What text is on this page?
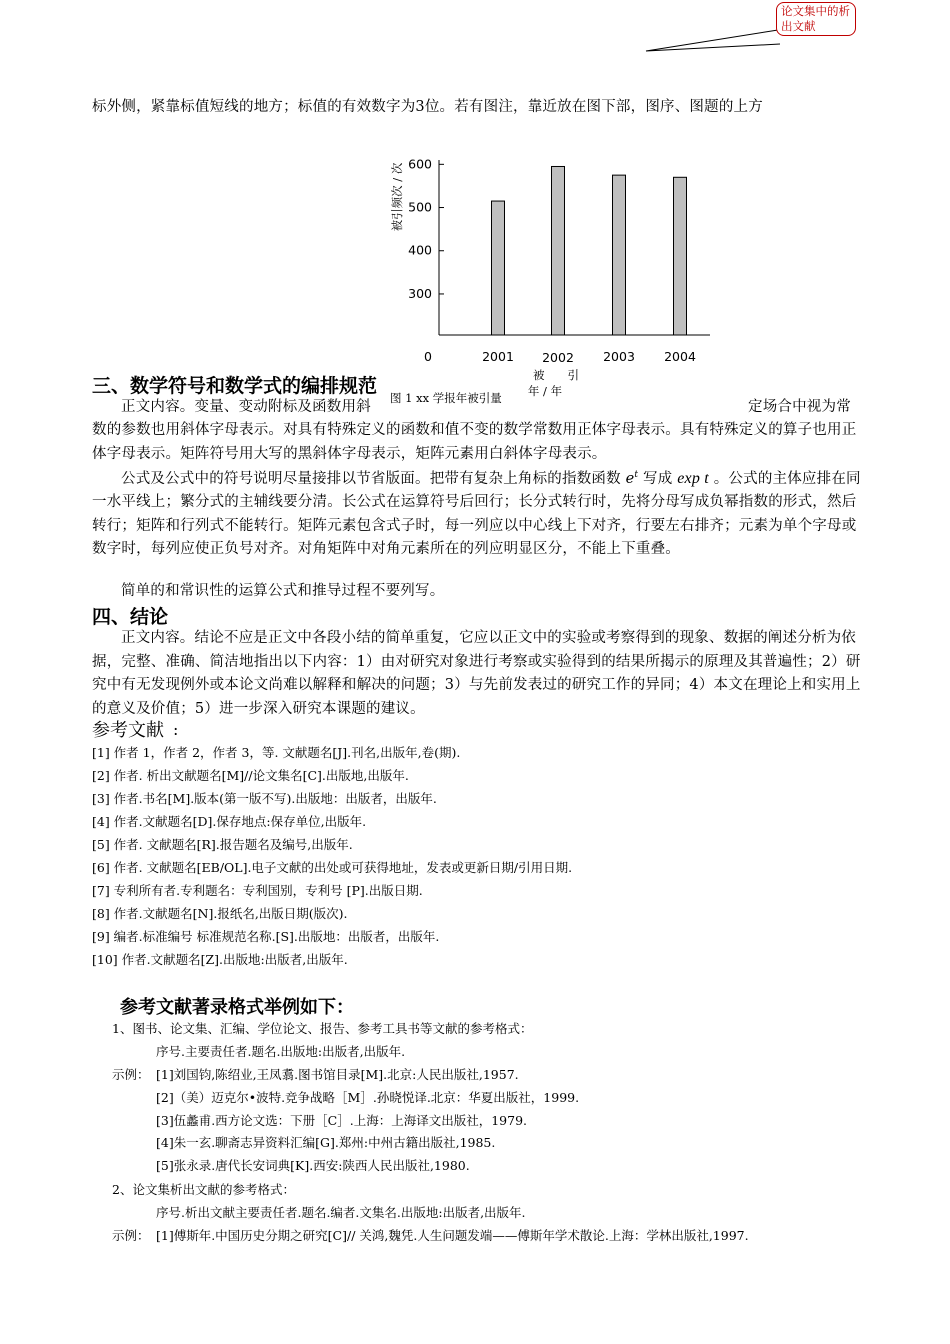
论文集中的析出文献
标外侧，紧靠标值短线的地方；标值的有效数字为3位。若有图注，靠近放在图下部，图序、图题的上方
被引频次 / 次 600
500
400
300
2001 2002 2003 2004
0
被　　引
年 / 年
图 1 xx 学报年被引量
三、数学符号和数学式的编排规范
正文内容。变量、变动附标及函数用斜	定场合中视为常
数的参数也用斜体字母表示。对具有特殊定义的函数和值不变的数学常数用正体字母表示。具有特殊定义的算子也用正体字母表示。矩阵符号用大写的黑斜体字母表示，矩阵元素用白斜体字母表示。
公式及公式中的符号说明尽量接排以节省版面。把带有复杂上角标的指数函数 $e^t$ 写成 exp t 。公式的主体应排在同一水平线上；繁分式的主辅线要分清。长公式在运算符号后回行；长分式转行时，先将分母写成负幂指数的形式，然后转行；矩阵和行列式不能转行。矩阵元素包含式子时，每一列应以中心线上下对齐，行要左右排齐；元素为单个字母或数字时，每列应使正负号对齐。对角矩阵中对角元素所在的列应明显区分，不能上下重叠。
简单的和常识性的运算公式和推导过程不要列写。
四、结论
正文内容。结论不应是正文中各段小结的简单重复，它应以正文中的实验或考察得到的现象、数据的阐述分析为依据，完整、准确、简洁地指出以下内容：1）由对研究对象进行考察或实验得到的结果所揭示的原理及其普遍性；2）研究中有无发现例外或本论文尚难以解释和解决的问题；3）与先前发表过的研究工作的异同；4）本文在理论上和实用上的意义及价值；5）进一步深入研究本课题的建议。
参考文献 :
[1] 作者 1，作者 2，作者 3，等. 文献题名[J].刊名,出版年,卷(期).
[2] 作者. 析出文献题名[M]//论文集名[C].出版地,出版年.
[3] 作者.书名[M].版本(第一版不写).出版地：出版者，出版年.
[4] 作者.文献题名[D].保存地点:保存单位,出版年.
[5] 作者. 文献题名[R].报告题名及编号,出版年.
[6] 作者. 文献题名[EB/OL].电子文献的出处或可获得地址，发表或更新日期/引用日期.
[7] 专利所有者.专利题名：专利国别，专利号 [P].出版日期.
[8] 作者.文献题名[N].报纸名,出版日期(版次).
[9] 编者.标准编号 标准规范名称.[S].出版地：出版者，出版年.
[10] 作者.文献题名[Z].出版地:出版者,出版年.
参考文献著录格式举例如下：
1、图书、论文集、汇编、学位论文、报告、参考工具书等文献的参考格式：
序号.主要责任者.题名.出版地:出版者,出版年.
示例： [1]刘国钧,陈绍业,王凤翥.图书馆目录[M].北京:人民出版社,1957.
[2]（美）迈克尔•波特.竞争战略［M］.孙晓悦译.北京：华夏出版社，1999.
[3]伍蠡甫.西方论文选：下册［C］.上海：上海译文出版社，1979.
[4]朱一玄.聊斋志异资料汇编[G].郑州:中州古籍出版社,1985.
[5]张永录.唐代长安词典[K].西安:陕西人民出版社,1980.
2、论文集析出文献的参考格式：
序号.析出文献主要责任者.题名.编者.文集名.出版地:出版者,出版年.
示例： [1]傅斯年.中国历史分期之研究[C]// 关鸿,魏凭.人生问题发端——傅斯年学术散论.上海：学林出版社,1997.
